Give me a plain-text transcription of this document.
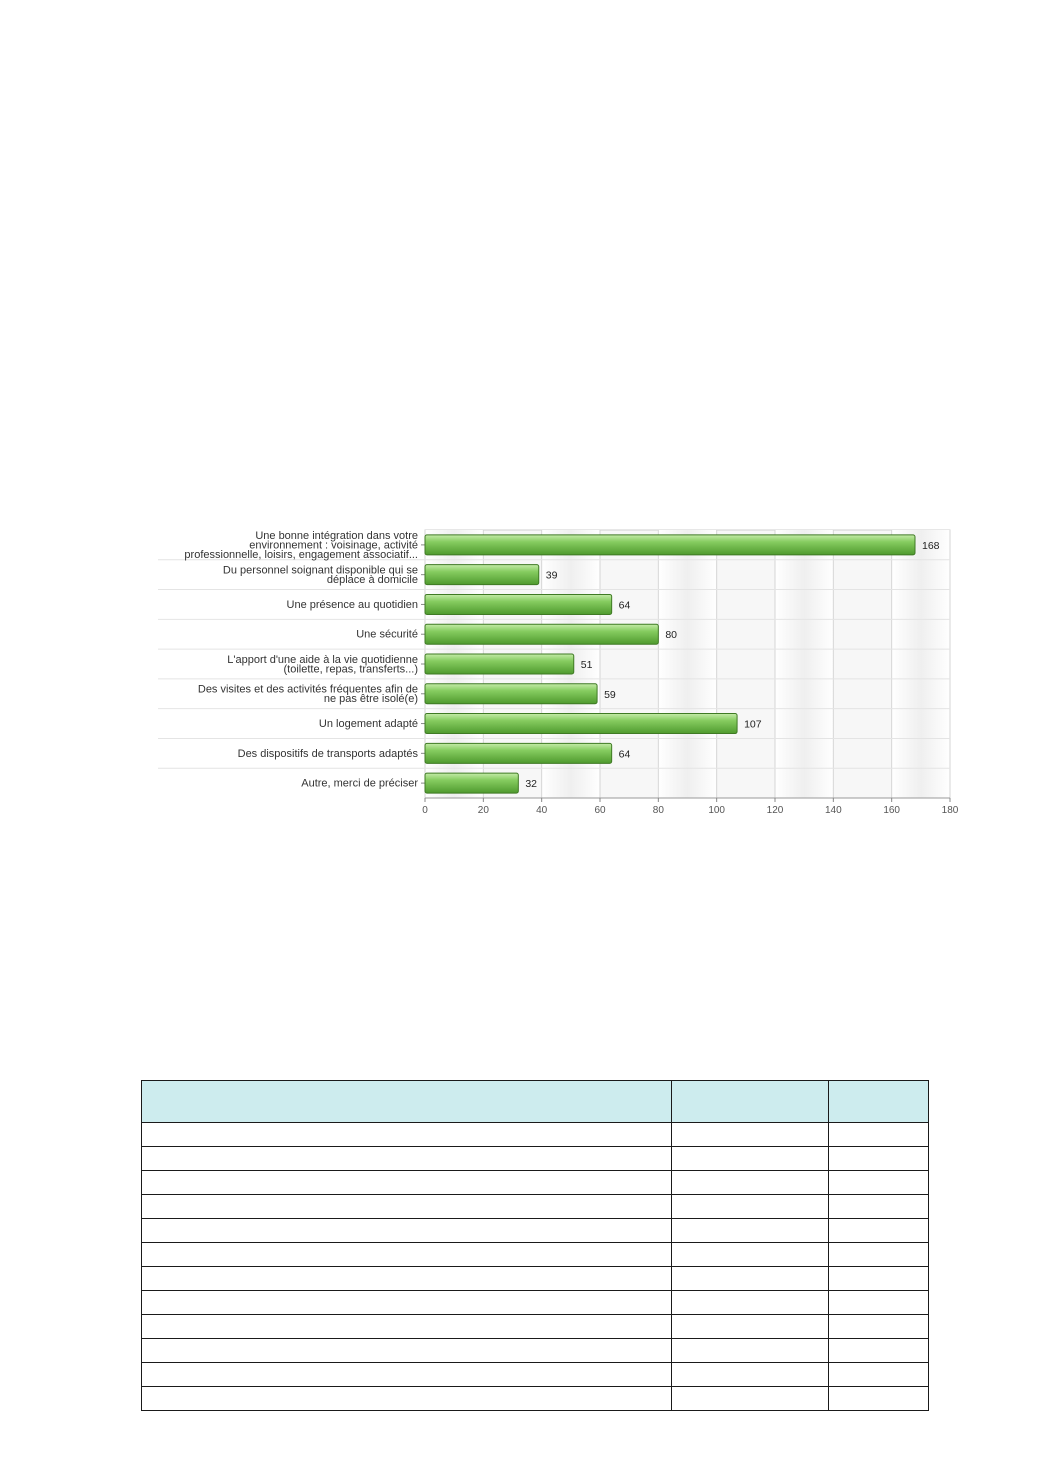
Une bonne intégration dans votre
environnement : voisinage, activité
professionnelle, loisirs, engagement associatif...
Du personnel soignant disponible qui se
déplace à domicile
Une présence au quotidien
Une sécurité
L'apport d'une aide à la vie quotidienne
(toilette, repas, transferts...)
Des visites et des activités fréquentes afin de
ne pas être isolé(e)
Un logement adapté
Des dispositifs de transports adaptés
Autre, merci de préciser
168
39
64
80
51
59
107
64
32
0	20	40	60	80	100	120	140	160	180
